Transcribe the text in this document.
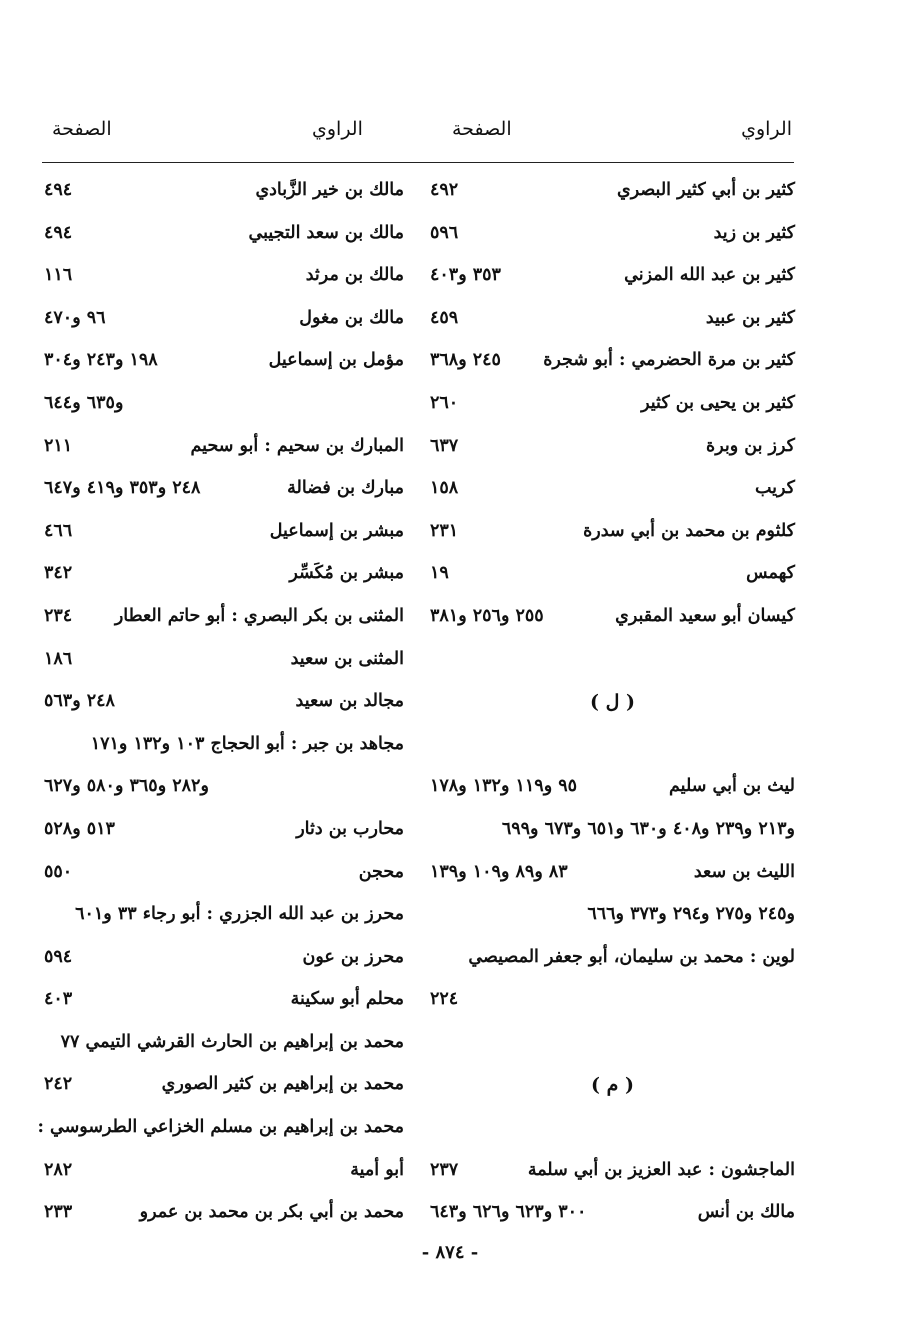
الراوي
الصفحة
الراوي
الصفحة
كثير بن أبي كثير البصري
٤٩٢
كثير بن زيد
٥٩٦
كثير بن عبد الله المزني
٣٥٣ و٤٠٣
كثير بن عبيد
٤٥٩
كثير بن مرة الحضرمي : أبو شجرة
٢٤٥ و٣٦٨
كثير بن يحيى بن كثير
٢٦٠
كرز بن وبرة
٦٣٧
كريب
١٥٨
كلثوم بن محمد بن أبي سدرة
٢٣١
كهمس
١٩
كيسان أبو سعيد المقبري
٢٥٥ و٢٥٦ و٣٨١
( ل )
ليث بن أبي سليم
٩٥ و١١٩ و١٣٢ و١٧٨
و٢١٣ و٢٣٩ و٤٠٨ و٦٣٠ و٦٥١ و٦٧٣ و٦٩٩
الليث بن سعد
٨٣ و٨٩ و١٠٩ و١٣٩
و٢٤٥ و٢٧٥ و٢٩٤ و٣٧٣ و٦٦٦
لوين : محمد بن سليمان، أبو جعفر المصيصي
٢٢٤
( م )
الماجشون : عبد العزيز بن أبي سلمة
٢٣٧
مالك بن أنس
٣٠٠ و٦٢٣ و٦٢٦ و٦٤٣
مالك بن خير الزَّبادي
٤٩٤
مالك بن سعد التجيبي
٤٩٤
مالك بن مرثد
١١٦
مالك بن مغول
٩٦ و٤٧٠
مؤمل بن إسماعيل
١٩٨ و٢٤٣ و٣٠٤
و٦٣٥ و٦٤٤
المبارك بن سحيم : أبو سحيم
٢١١
مبارك بن فضالة
٢٤٨ و٣٥٣ و٤١٩ و٦٤٧
مبشر بن إسماعيل
٤٦٦
مبشر بن مُكَسِّر
٣٤٢
المثنى بن بكر البصري : أبو حاتم العطار
٢٣٤
المثنى بن سعيد
١٨٦
مجالد بن سعيد
٢٤٨ و٥٦٣
مجاهد بن جبر : أبو الحجاج ١٠٣ و١٣٢ و١٧١
و٢٨٢ و٣٦٥ و٥٨٠ و٦٢٧
محارب بن دثار
٥١٣ و٥٢٨
محجن
٥٥٠
محرز بن عبد الله الجزري : أبو رجاء ٣٣ و٦٠١
محرز بن عون
٥٩٤
محلم أبو سكينة
٤٠٣
محمد بن إبراهيم بن الحارث القرشي التيمي ٧٧
محمد بن إبراهيم بن كثير الصوري
٢٤٢
محمد بن إبراهيم بن مسلم الخزاعي الطرسوسي :
أبو أمية
٢٨٢
محمد بن أبي بكر بن محمد بن عمرو
٢٣٣
- ٨٧٤ -
